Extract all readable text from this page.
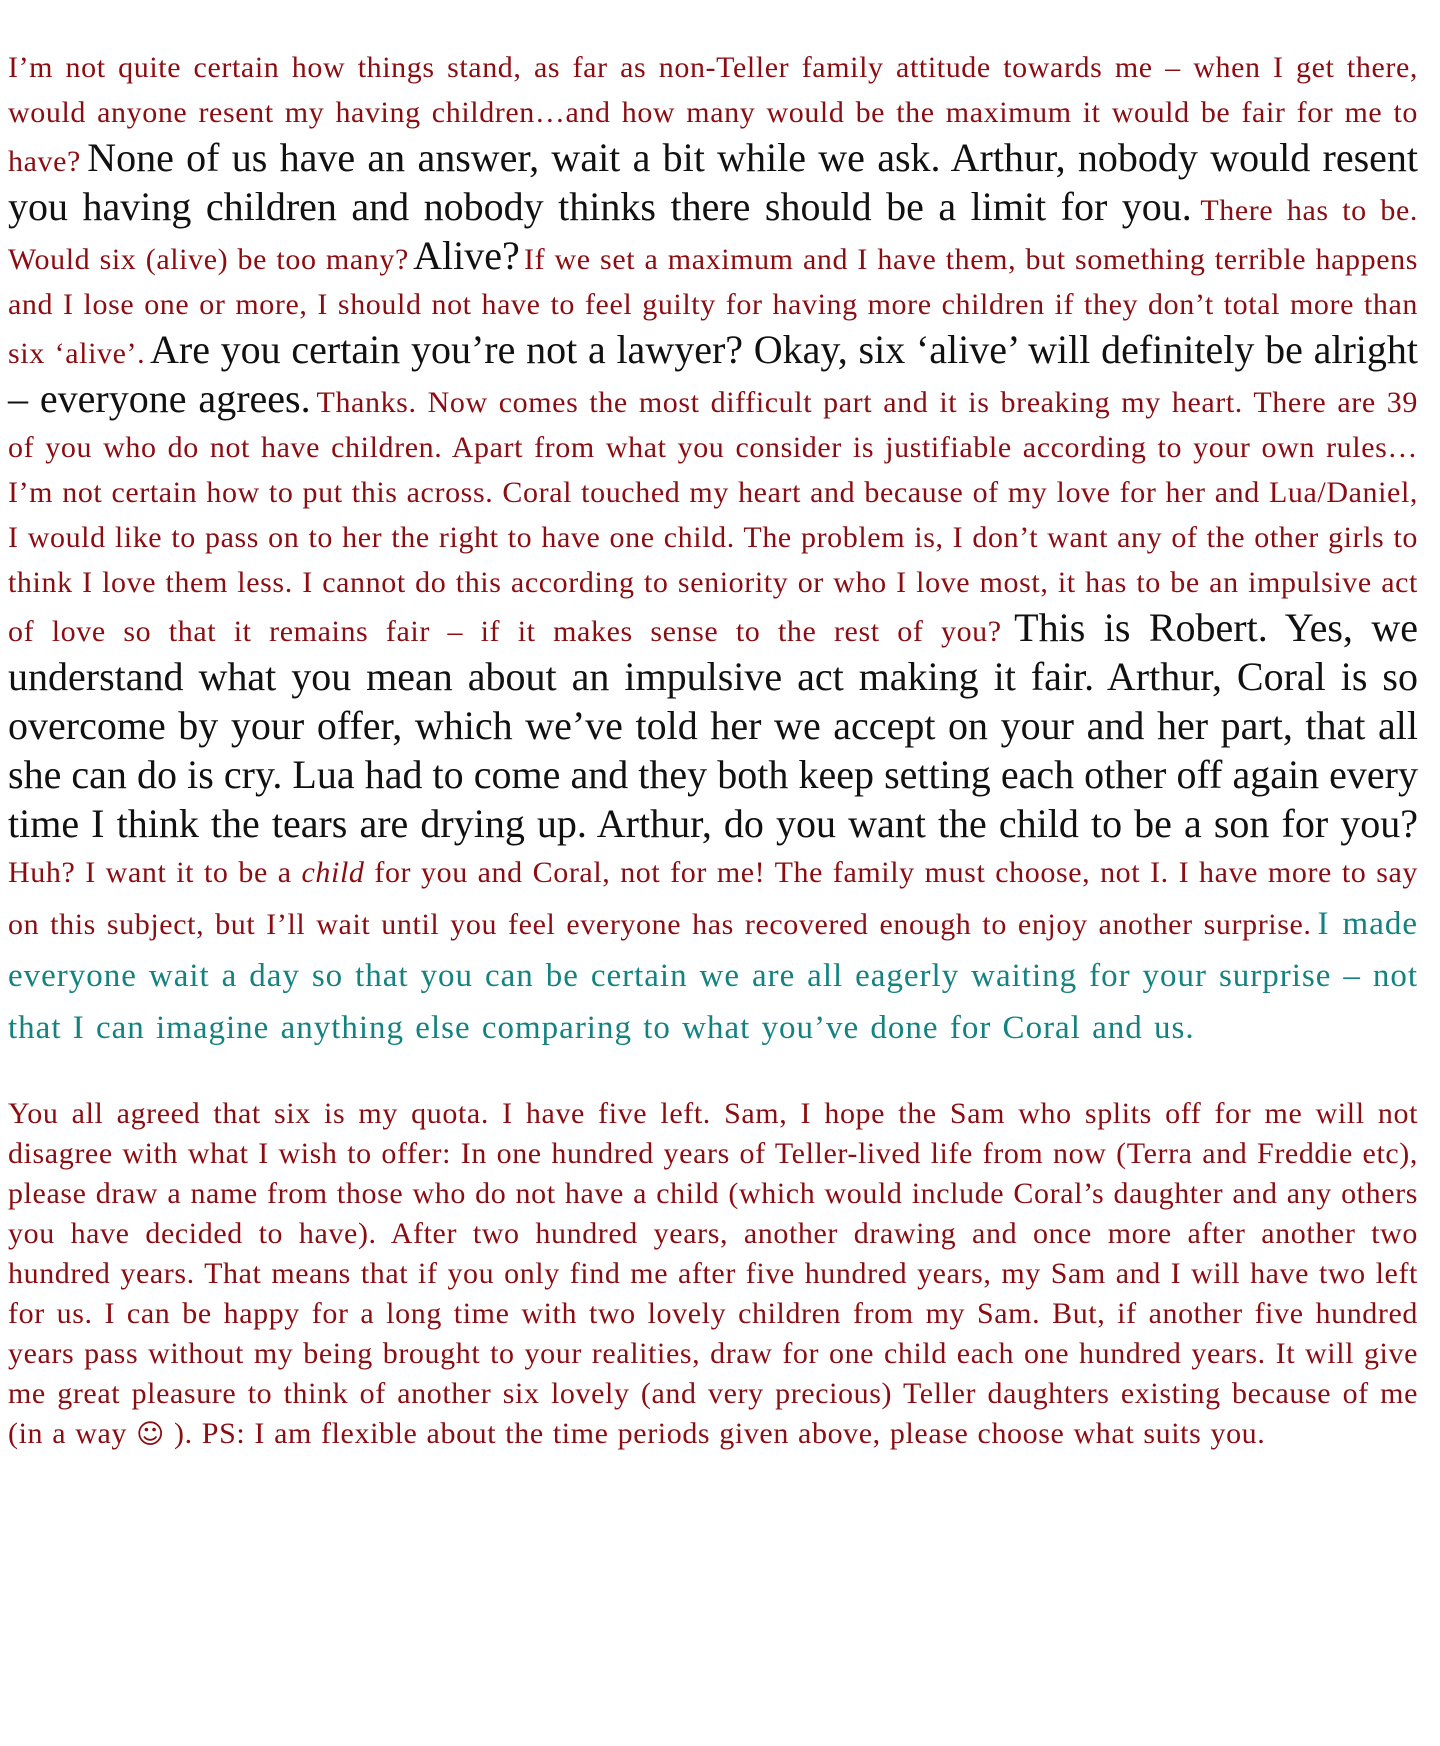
I’m not quite certain how things stand, as far as non-Teller family attitude towards me – when I get there, would anyone resent my having children…and how many would be the maximum it would be fair for me to have? None of us have an answer, wait a bit while we ask. Arthur, nobody would resent you having children and nobody thinks there should be a limit for you. There has to be. Would six (alive) be too many? Alive? If we set a maximum and I have them, but something terrible happens and I lose one or more, I should not have to feel guilty for having more children if they don’t total more than six ‘alive’. Are you certain you’re not a lawyer? Okay, six ‘alive’ will definitely be alright – everyone agrees. Thanks. Now comes the most difficult part and it is breaking my heart. There are 39 of you who do not have children. Apart from what you consider is justifiable according to your own rules…I’m not certain how to put this across. Coral touched my heart and because of my love for her and Lua/Daniel, I would like to pass on to her the right to have one child. The problem is, I don’t want any of the other girls to think I love them less. I cannot do this according to seniority or who I love most, it has to be an impulsive act of love so that it remains fair – if it makes sense to the rest of you? This is Robert. Yes, we understand what you mean about an impulsive act making it fair. Arthur, Coral is so overcome by your offer, which we’ve told her we accept on your and her part, that all she can do is cry. Lua had to come and they both keep setting each other off again every time I think the tears are drying up. Arthur, do you want the child to be a son for you? Huh? I want it to be a child for you and Coral, not for me! The family must choose, not I. I have more to say on this subject, but I’ll wait until you feel everyone has recovered enough to enjoy another surprise. I made everyone wait a day so that you can be certain we are all eagerly waiting for your surprise – not that I can imagine anything else comparing to what you’ve done for Coral and us.

You all agreed that six is my quota. I have five left. Sam, I hope the Sam who splits off for me will not disagree with what I wish to offer: In one hundred years of Teller-lived life from now (Terra and Freddie etc), please draw a name from those who do not have a child (which would include Coral’s daughter and any others you have decided to have). After two hundred years, another drawing and once more after another two hundred years. That means that if you only find me after five hundred years, my Sam and I will have two left for us. I can be happy for a long time with two lovely children from my Sam. But, if another five hundred years pass without my being brought to your realities, draw for one child each one hundred years. It will give me great pleasure to think of another six lovely (and very precious) Teller daughters existing because of me (in a way ☺ ). PS: I am flexible about the time periods given above, please choose what suits you.
